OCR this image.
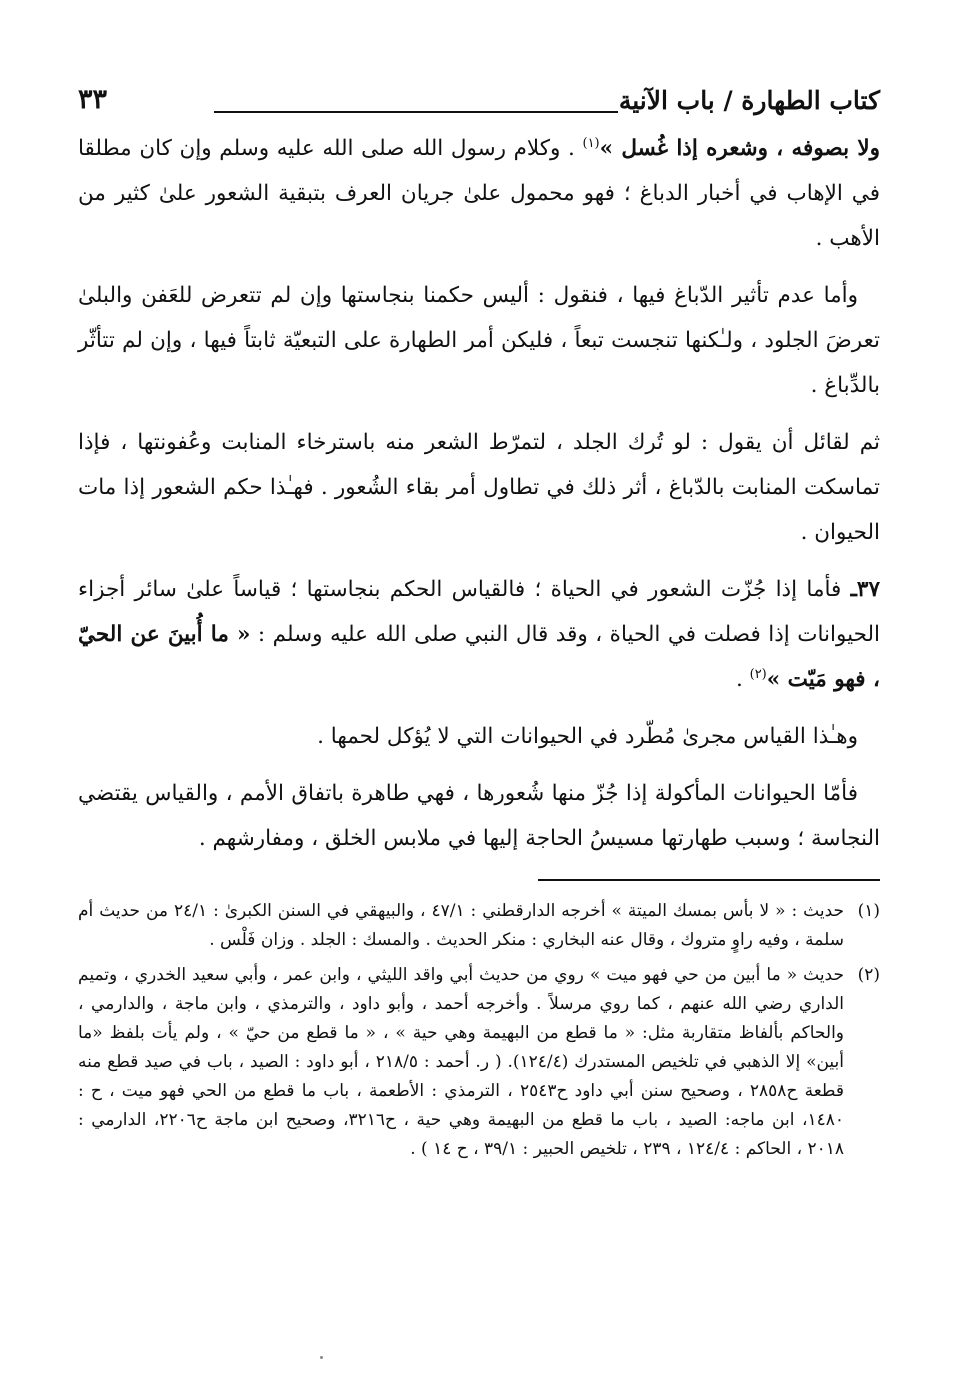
كتاب الطهارة / باب الآنية
٣٣

ولا بصوفه ، وشعره إذا غُسل »$^{(١)}$ . وكلام رسول الله صلى الله عليه وسلم وإن كان مطلقا في الإهاب في أخبار الدباغ ؛ فهو محمول علىٰ جريان العرف بتبقية الشعور علىٰ كثير من الأهب .

وأما عدم تأثير الدّباغ فيها ، فنقول : أليس حكمنا بنجاستها وإن لم تتعرض للعَفن والبلىٰ تعرضَ الجلود ، ولـٰكنها تنجست تبعاً ، فليكن أمر الطهارة على التبعيّة ثابتاً فيها ، وإن لم تتأثّر بالدِّباغ .

ثم لقائل أن يقول : لو تُرك الجلد ، لتمرّط الشعر منه باسترخاء المنابت وعُفونتها ، فإذا تماسكت المنابت بالدّباغ ، أثر ذلك في تطاول أمر بقاء الشُعور . فهـٰذا حكم الشعور إذا مات الحيوان .

٣٧ـ فأما إذا جُزّت الشعور في الحياة ؛ فالقياس الحكم بنجاستها ؛ قياساً علىٰ سائر أجزاء الحيوانات إذا فصلت في الحياة ، وقد قال النبي صلى الله عليه وسلم : « ما أُبينَ عن الحيّ ، فهو مَيّت »$^{(٢)}$ .

وهـٰذا القياس مجرىٰ مُطّرد في الحيوانات التي لا يُؤكل لحمها .

فأمّا الحيوانات المأكولة إذا جُزّ منها شُعورها ، فهي طاهرة باتفاق الأمم ، والقياس يقتضي النجاسة ؛ وسبب طهارتها مسيسُ الحاجة إليها في ملابس الخلق ، ومفارشهم .

(١)
حديث : « لا بأس بمسك الميتة » أخرجه الدارقطني : ٤٧/١ ، والبيهقي في السنن الكبرىٰ : ٢٤/١ من حديث أم سلمة ، وفيه راوٍ متروك ، وقال عنه البخاري : منكر الحديث . والمسك : الجلد . وزان فَلْس .
(٢)
حديث « ما أبين من حي فهو ميت » روي من حديث أبي واقد الليثي ، وابن عمر ، وأبي سعيد الخدري ، وتميم الداري رضي الله عنهم ، كما روي مرسلاً . وأخرجه أحمد ، وأبو داود ، والترمذي ، وابن ماجة ، والدارمي ، والحاكم بألفاظ متقاربة مثل: « ما قطع من البهيمة وهي حية » ، « ما قطع من حيّ » ، ولم يأت بلفظ «ما أبين» إلا الذهبي في تلخيص المستدرك (١٢٤/٤). ( ر. أحمد : ٢١٨/٥ ، أبو داود : الصيد ، باب في صيد قطع منه قطعة ح٢٨٥٨ ، وصحيح سنن أبي داود ح٢٥٤٣ ، الترمذي : الأطعمة ، باب ما قطع من الحي فهو ميت ، ح : ١٤٨٠، ابن ماجه: الصيد ، باب ما قطع من البهيمة وهي حية ، ح٣٢١٦، وصحيح ابن ماجة ح٢٢٠٦، الدارمي : ٢٠١٨ ، الحاكم : ١٢٤/٤ ، ٢٣٩ ، تلخيص الحبير : ٣٩/١ ، ح ١٤ ) .
